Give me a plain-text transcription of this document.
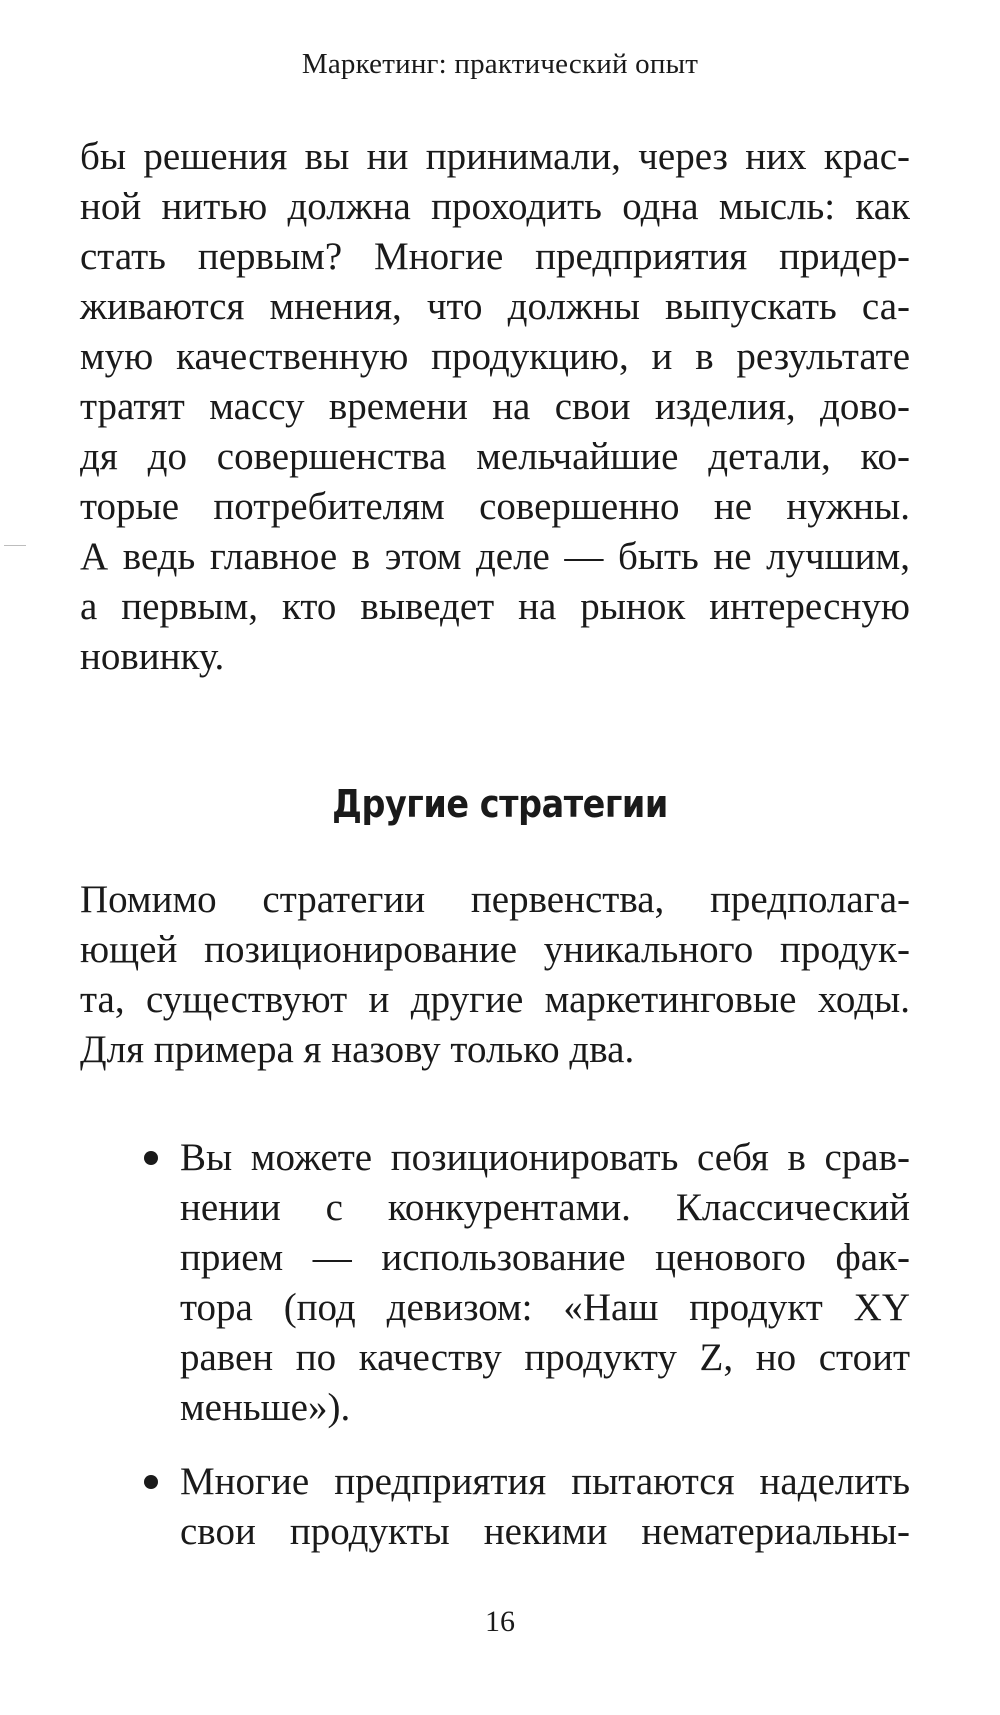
Маркетинг: практический опыт
бы решения вы ни принимали, через них крас-
ной нитью должна проходить одна мысль: как
стать первым? Многие предприятия придер-
живаются мнения, что должны выпускать са-
мую качественную продукцию, и в результате
тратят массу времени на свои изделия, дово-
дя до совершенства мельчайшие детали, ко-
торые потребителям совершенно не нужны.
А ведь главное в этом деле — быть не лучшим,
а первым, кто выведет на рынок интересную
новинку.
Другие стратегии
Помимо стратегии первенства, предполага-
ющей позиционирование уникального продук-
та, существуют и другие маркетинговые ходы.
Для примера я назову только два.
Вы можете позиционировать себя в срав-
нении с конкурентами. Классический
прием — использование ценового фак-
тора (под девизом: «Наш продукт XY
равен по качеству продукту Z, но стоит
меньше»).
Многие предприятия пытаются наделить
свои продукты некими нематериальны-
16
